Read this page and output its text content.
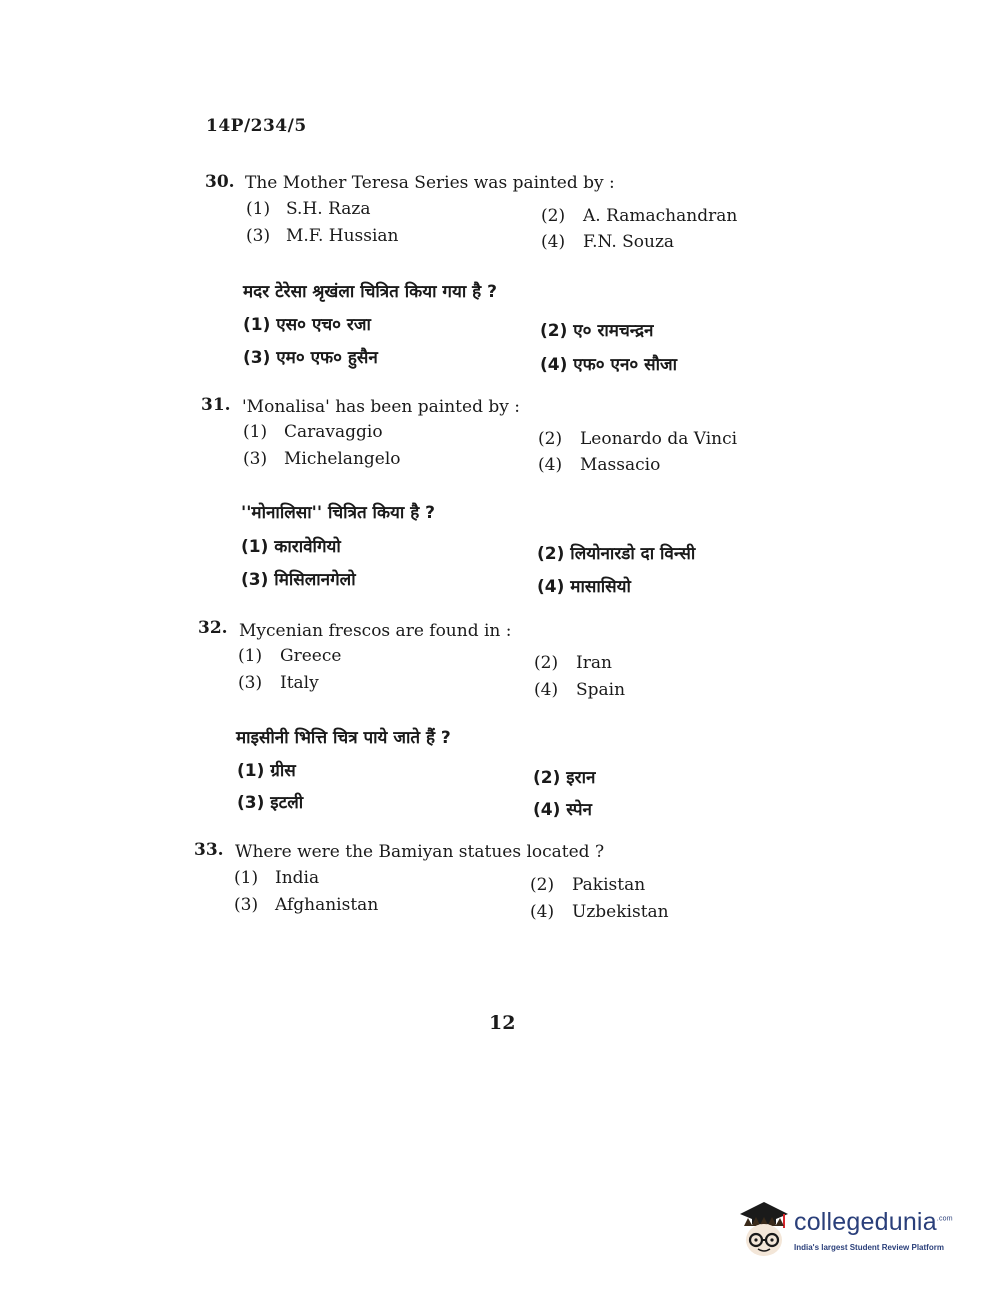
14P/234/5
30. The Mother Teresa Series was painted by :
(1) S.H. Raza	(2) A. Ramachandran
(3) M.F. Hussian	(4) F.N. Souza
मदर टेरेसा श्रृखंला चित्रित किया गया है ?
(1) एस० एच० रजा	(2) ए० रामचन्द्रन
(3) एम० एफ० हुसैन	(4) एफ० एन० सौजा
31. 'Monalisa' has been painted by :
(1) Caravaggio	(2) Leonardo da Vinci
(3) Michelangelo	(4) Massacio
''मोनालिसा'' चित्रित किया है ?
(1) कारावेगियो	(2) लियोनारडो दा विन्सी
(3) मिसिलानगेलो	(4) मासासियो
32. Mycenian frescos are found in :
(1) Greece	(2) Iran
(3) Italy	(4) Spain
माइसीनी भित्ति चित्र पाये जाते हैं ?
(1) ग्रीस	(2) इरान
(3) इटली	(4) स्पेन
33. Where were the Bamiyan statues located ?
(1) India	(2) Pakistan
(3) Afghanistan	(4) Uzbekistan
12
collegedunia$^{.com}$
India's largest Student Review Platform
